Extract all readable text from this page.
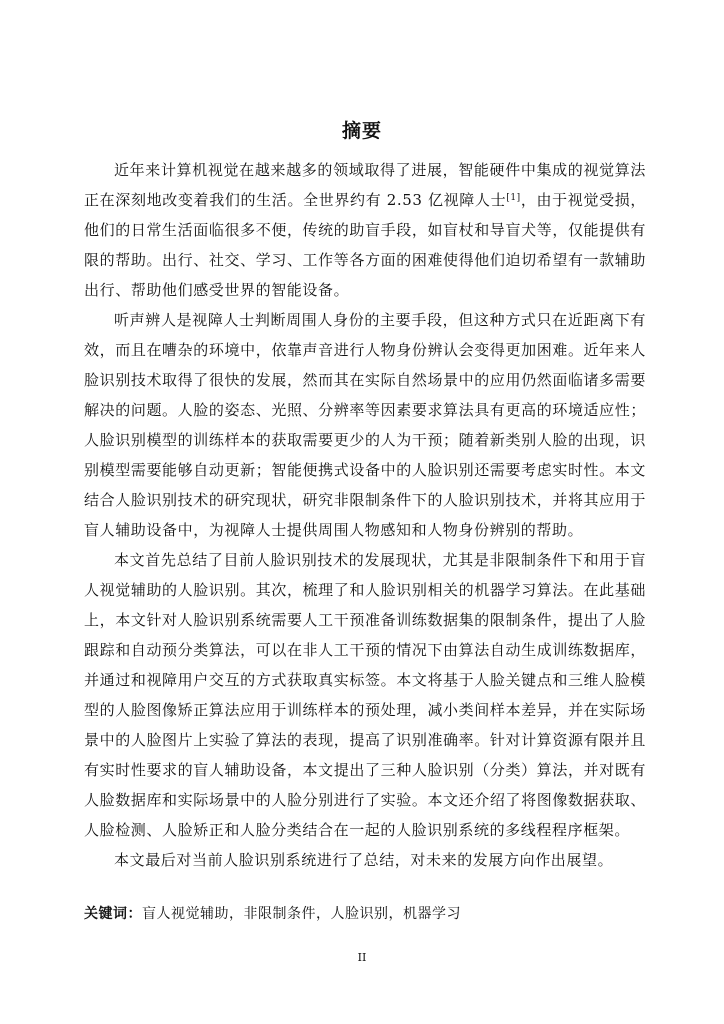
摘要

近年来计算机视觉在越来越多的领域取得了进展，智能硬件中集成的视觉算法正在深刻地改变着我们的生活。全世界约有 2.53 亿视障人士[1]，由于视觉受损，他们的日常生活面临很多不便，传统的助盲手段，如盲杖和导盲犬等，仅能提供有限的帮助。出行、社交、学习、工作等各方面的困难使得他们迫切希望有一款辅助出行、帮助他们感受世界的智能设备。

听声辨人是视障人士判断周围人身份的主要手段，但这种方式只在近距离下有效，而且在嘈杂的环境中，依靠声音进行人物身份辨认会变得更加困难。近年来人脸识别技术取得了很快的发展，然而其在实际自然场景中的应用仍然面临诸多需要解决的问题。人脸的姿态、光照、分辨率等因素要求算法具有更高的环境适应性；人脸识别模型的训练样本的获取需要更少的人为干预；随着新类别人脸的出现，识别模型需要能够自动更新；智能便携式设备中的人脸识别还需要考虑实时性。本文结合人脸识别技术的研究现状，研究非限制条件下的人脸识别技术，并将其应用于盲人辅助设备中，为视障人士提供周围人物感知和人物身份辨别的帮助。

本文首先总结了目前人脸识别技术的发展现状，尤其是非限制条件下和用于盲人视觉辅助的人脸识别。其次，梳理了和人脸识别相关的机器学习算法。在此基础上，本文针对人脸识别系统需要人工干预准备训练数据集的限制条件，提出了人脸跟踪和自动预分类算法，可以在非人工干预的情况下由算法自动生成训练数据库，并通过和视障用户交互的方式获取真实标签。本文将基于人脸关键点和三维人脸模型的人脸图像矫正算法应用于训练样本的预处理，减小类间样本差异，并在实际场景中的人脸图片上实验了算法的表现，提高了识别准确率。针对计算资源有限并且有实时性要求的盲人辅助设备，本文提出了三种人脸识别（分类）算法，并对既有人脸数据库和实际场景中的人脸分别进行了实验。本文还介绍了将图像数据获取、人脸检测、人脸矫正和人脸分类结合在一起的人脸识别系统的多线程程序框架。

本文最后对当前人脸识别系统进行了总结，对未来的发展方向作出展望。

关键词：盲人视觉辅助，非限制条件，人脸识别，机器学习
II
